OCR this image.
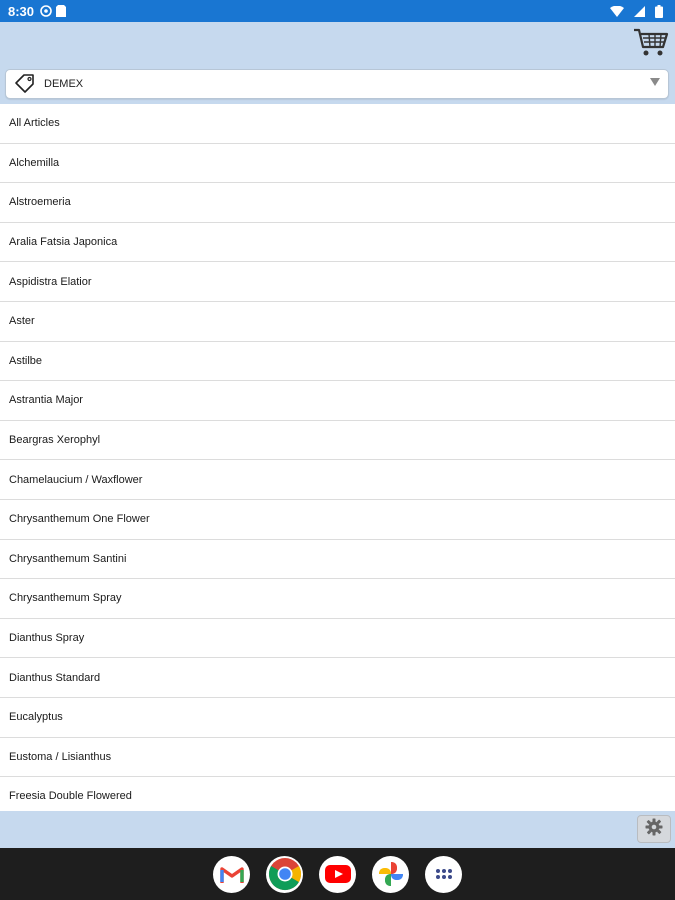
8:30
DEMEX
All Articles
Alchemilla
Alstroemeria
Aralia Fatsia Japonica
Aspidistra Elatior
Aster
Astilbe
Astrantia Major
Beargras Xerophyl
Chamelaucium / Waxflower
Chrysanthemum One Flower
Chrysanthemum Santini
Chrysanthemum Spray
Dianthus Spray
Dianthus Standard
Eucalyptus
Eustoma / Lisianthus
Freesia Double Flowered
